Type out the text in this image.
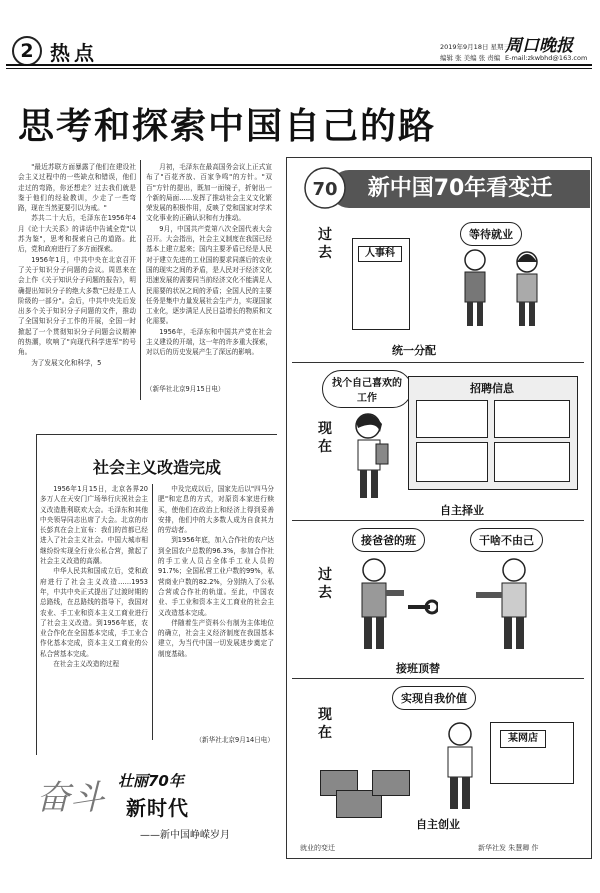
2 热点	2019年9月18日 星期三
编辑 张 美编 张 责编 E-mail:zkwbhd@163.com
周口晚报
思考和探索中国自己的路

"最近苏联方面暴露了他们在建设社会主义过程中的一些缺点和错误，他们走过的弯路，你还想走？过去我们就是鉴于他们的经验教训，少走了一些弯路，现在当然更要引以为戒。"

苏共二十大后，毛泽东在1956年4月《论十大关系》的讲话中告诫全党"以苏为鉴"，思考和探索自己的道路。此后，党和政府进行了多方面探索。

1956年1月，中共中央在北京召开了关于知识分子问题的会议。周恩来在会上作《关于知识分子问题的报告》，明确提出知识分子的绝大多数"已经是工人阶级的一部分"。会后，中共中央先后发出多个关于知识分子问题的文件，推动了全国知识分子工作的开展，全国一时掀起了一个贯彻知识分子问题会议精神的热潮，吹响了"向现代科学进军"的号角。

为了发展文化和科学，5

月初，毛泽东在最高国务会议上正式宣布了"百花齐放、百家争鸣"的方针。"双百"方针的提出，既加一面镜子，折射出一个新的局面……发挥了推动社会主义文化繁荣发展的积极作用，反映了党和国家对学术文化事业的正确认识和有力推动。

9月，中国共产党第八次全国代表大会召开。大会指出，社会主义制度在我国已经基本上建立起来；国内主要矛盾已经是人民对于建立先进的工业国的要求同落后的农业国的现实之间的矛盾，是人民对于经济文化迅速发展的需要同当前经济文化不能满足人民需要的状况之间的矛盾；全国人民的主要任务是集中力量发展社会生产力，实现国家工业化，逐步满足人民日益增长的物质和文化需要。

1956年，毛泽东和中国共产党在社会主义建设的开端，这一年的许多重大探索，对以后的历史发展产生了深远的影响。

（新华社北京9月15日电）
社会主义改造完成

1956年1月15日，北京各界20多万人在天安门广场举行庆祝社会主义改造胜利联欢大会。毛泽东和其他中央领导同志出席了大会。北京的市长彭真在会上宣布：我们的首都已经进入了社会主义社会。中国大城市相继纷纷实现全行业公私合营，掀起了社会主义改造的高潮。

中华人民共和国成立后，党和政府进行了社会主义改造……1953年，中共中央正式提出了过渡时期的总路线，在总路线的指导下，我国对农业、手工业和资本主义工商业进行了社会主义改造。到1956年底，农业合作化在全国基本完成，手工业合作化基本完成，资本主义工商业的公私合营基本完成。

在社会主义改造的过程

中及完成以后，国家先后以"四马分肥"和定息的方式，对原资本家进行赎买，使他们在政治上和经济上得到妥善安排，他们中的大多数人成为自食其力的劳动者。

到1956年底，加入合作社的农户达到全国农户总数的96.3%，参加合作社的手工业人员占全体手工业人员的91.7%；全国私营工业户数的99%，私营商业户数的82.2%，分别纳入了公私合营或合作社的轨道。至此，中国农业、手工业和资本主义工商业的社会主义改造基本完成。

伴随着生产资料公有制为主体地位的确立，社会主义经济制度在我国基本建立，为当代中国一切发展进步奠定了制度基础。

（新华社北京9月14日电）
奋斗 壮丽70年
新时代
——新中国峥嵘岁月
新中国70年看变迁
70
过去	人事科
等待就业
统一分配
找个自己喜欢的工作
现在
招聘信息
自主择业
接爸爸的班	干啥不由己
过去
接班顶替
实现自我价值
现在	某网店
自主创业
就业的变迁	新华社发 朱慧卿 作
